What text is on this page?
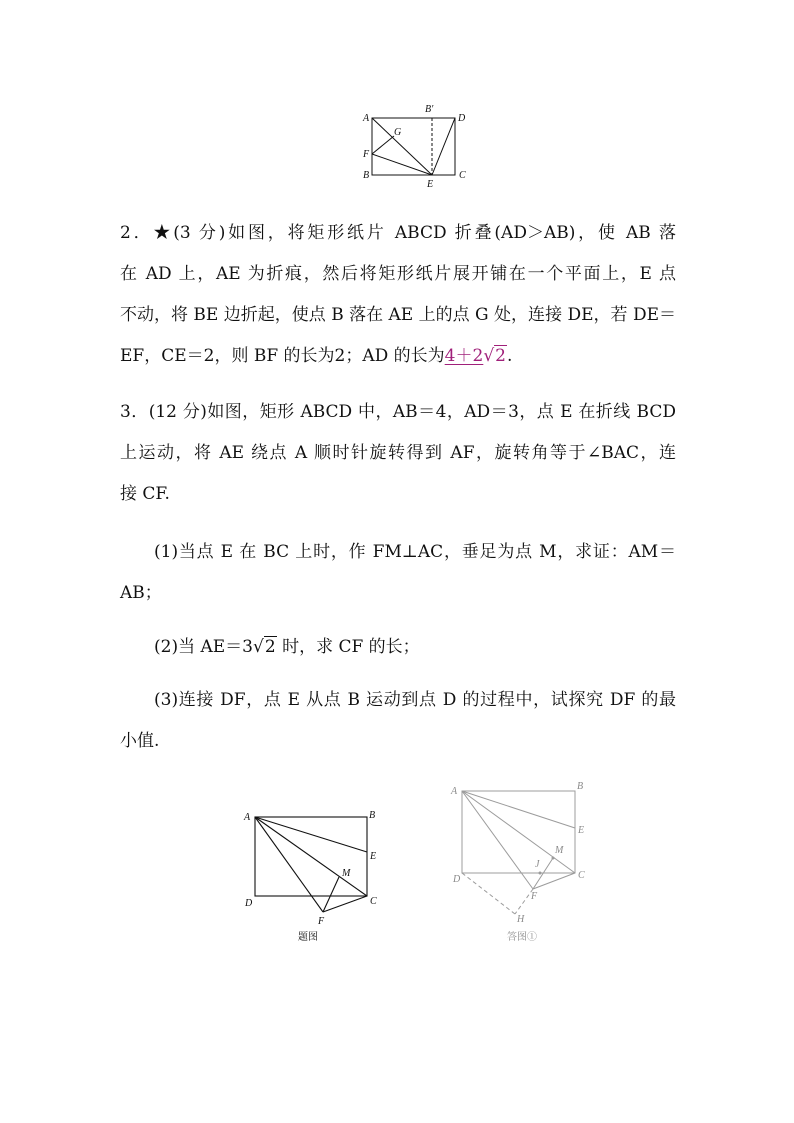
A
B′
D
G
F
B
E
C
2．★(3 分)如图，将矩形纸片 ABCD 折叠(AD＞AB)，使 AB 落
在 AD 上，AE 为折痕，然后将矩形纸片展开铺在一个平面上，E 点
不动，将 BE 边折起，使点 B 落在 AE 上的点 G 处，连接 DE，若 DE＝
EF，CE＝2，则 BF 的长为2；AD 的长为4＋2√2.
3．(12 分)如图，矩形 ABCD 中，AB＝4，AD＝3，点 E 在折线 BCD
上运动，将 AE 绕点 A 顺时针旋转得到 AF，旋转角等于∠BAC，连
接 CF.
(1)当点 E 在 BC 上时，作 FM⊥AC，垂足为点 M，求证：AM＝
AB；
(2)当 AE＝3√2 时，求 CF 的长；
(3)连接 DF，点 E 从点 B 运动到点 D 的过程中，试探究 DF 的最
小值.
A	B
E
M
D	C
F
题图
A	B
E
M
J
D	C
F
H
答图①
